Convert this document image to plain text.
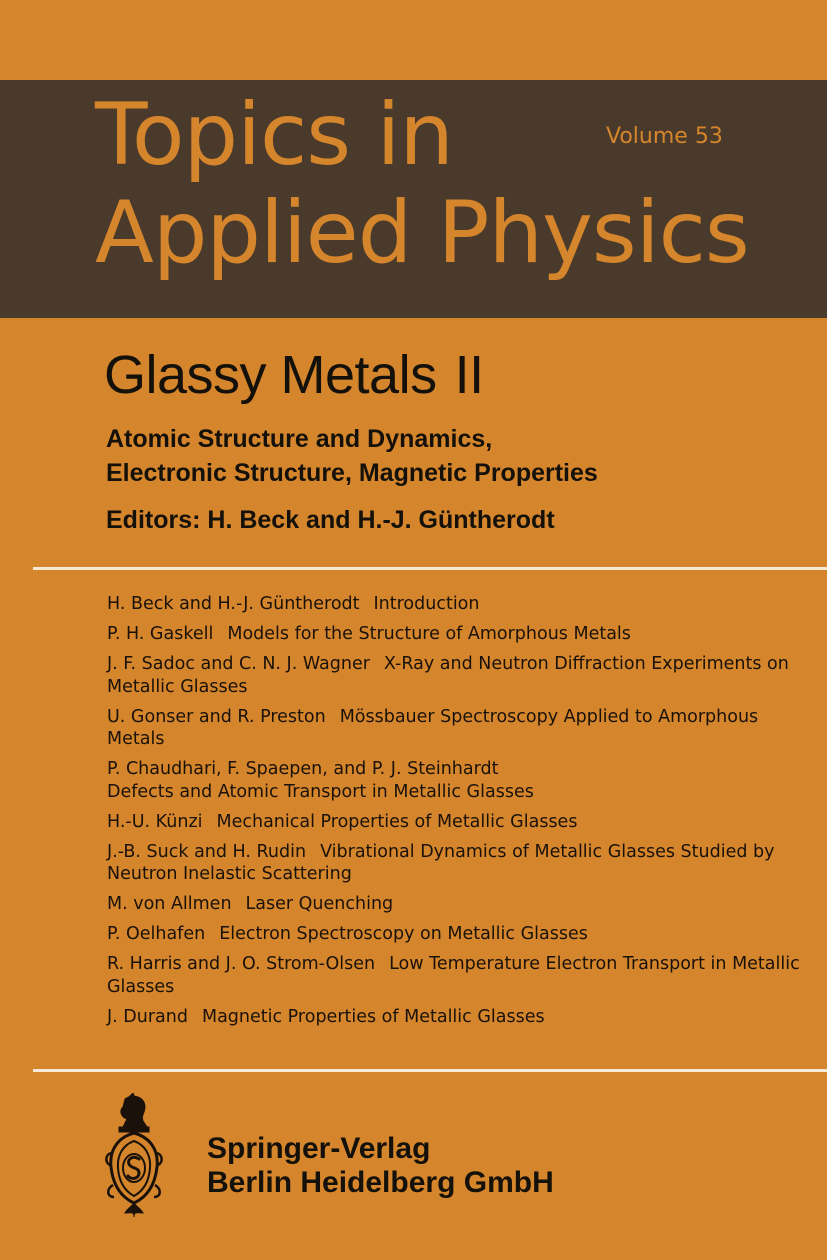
Topics in
Applied Physics
Volume 53
Glassy Metals II
Atomic Structure and Dynamics,
Electronic Structure, Magnetic Properties
Editors: H. Beck and H.-J. Güntherodt
H. Beck and H.-J. Güntherodt Introduction
P. H. Gaskell Models for the Structure of Amorphous Metals
J. F. Sadoc and C. N. J. Wagner X-Ray and Neutron Diffraction Experiments on Metallic Glasses
U. Gonser and R. Preston Mössbauer Spectroscopy Applied to Amorphous Metals
P. Chaudhari, F. Spaepen, and P. J. Steinhardt
Defects and Atomic Transport in Metallic Glasses
H.-U. Künzi Mechanical Properties of Metallic Glasses
J.-B. Suck and H. Rudin Vibrational Dynamics of Metallic Glasses Studied by Neutron Inelastic Scattering
M. von Allmen Laser Quenching
P. Oelhafen Electron Spectroscopy on Metallic Glasses
R. Harris and J. O. Strom-Olsen Low Temperature Electron Transport in Metallic Glasses
J. Durand Magnetic Properties of Metallic Glasses
Springer-Verlag
Berlin Heidelberg GmbH
